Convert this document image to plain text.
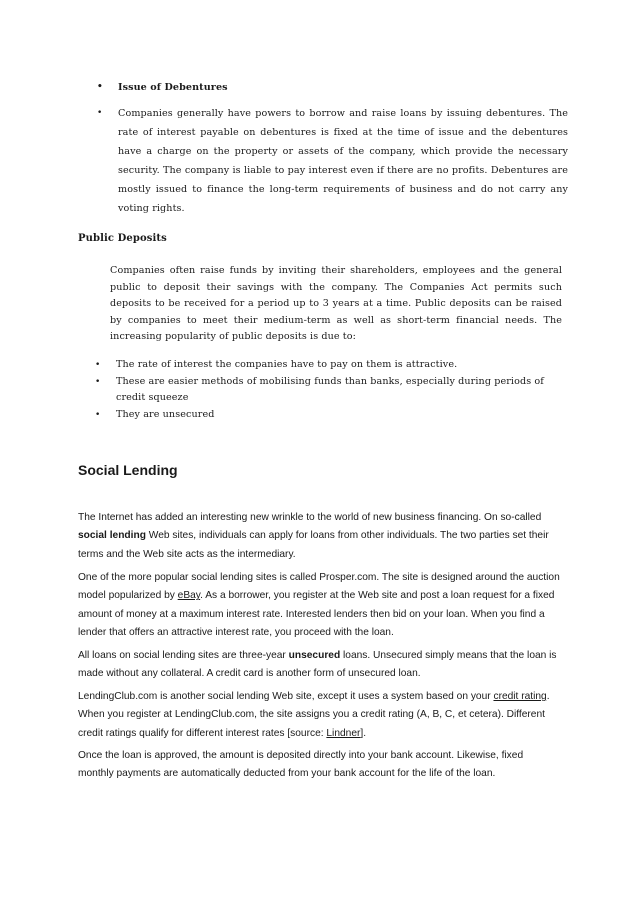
• Issue of Debentures
• Companies generally have powers to borrow and raise loans by issuing debentures. The rate of interest payable on debentures is fixed at the time of issue and the debentures have a charge on the property or assets of the company, which provide the necessary security. The company is liable to pay interest even if there are no profits. Debentures are mostly issued to finance the long-term requirements of business and do not carry any voting rights.
Public Deposits
Companies often raise funds by inviting their shareholders, employees and the general public to deposit their savings with the company. The Companies Act permits such deposits to be received for a period up to 3 years at a time. Public deposits can be raised by companies to meet their medium-term as well as short-term financial needs. The increasing popularity of public deposits is due to:
• The rate of interest the companies have to pay on them is attractive.
• These are easier methods of mobilising funds than banks, especially during periods of credit squeeze
• They are unsecured
Social Lending

The Internet has added an interesting new wrinkle to the world of new business financing. On so-called social lending Web sites, individuals can apply for loans from other individuals. The two parties set their terms and the Web site acts as the intermediary.

One of the more popular social lending sites is called Prosper.com. The site is designed around the auction model popularized by eBay. As a borrower, you register at the Web site and post a loan request for a fixed amount of money at a maximum interest rate. Interested lenders then bid on your loan. When you find a lender that offers an attractive interest rate, you proceed with the loan.

All loans on social lending sites are three-year unsecured loans. Unsecured simply means that the loan is made without any collateral. A credit card is another form of unsecured loan.

LendingClub.com is another social lending Web site, except it uses a system based on your credit rating. When you register at LendingClub.com, the site assigns you a credit rating (A, B, C, et cetera). Different credit ratings qualify for different interest rates [source: Lindner].

Once the loan is approved, the amount is deposited directly into your bank account. Likewise, fixed monthly payments are automatically deducted from your bank account for the life of the loan.
